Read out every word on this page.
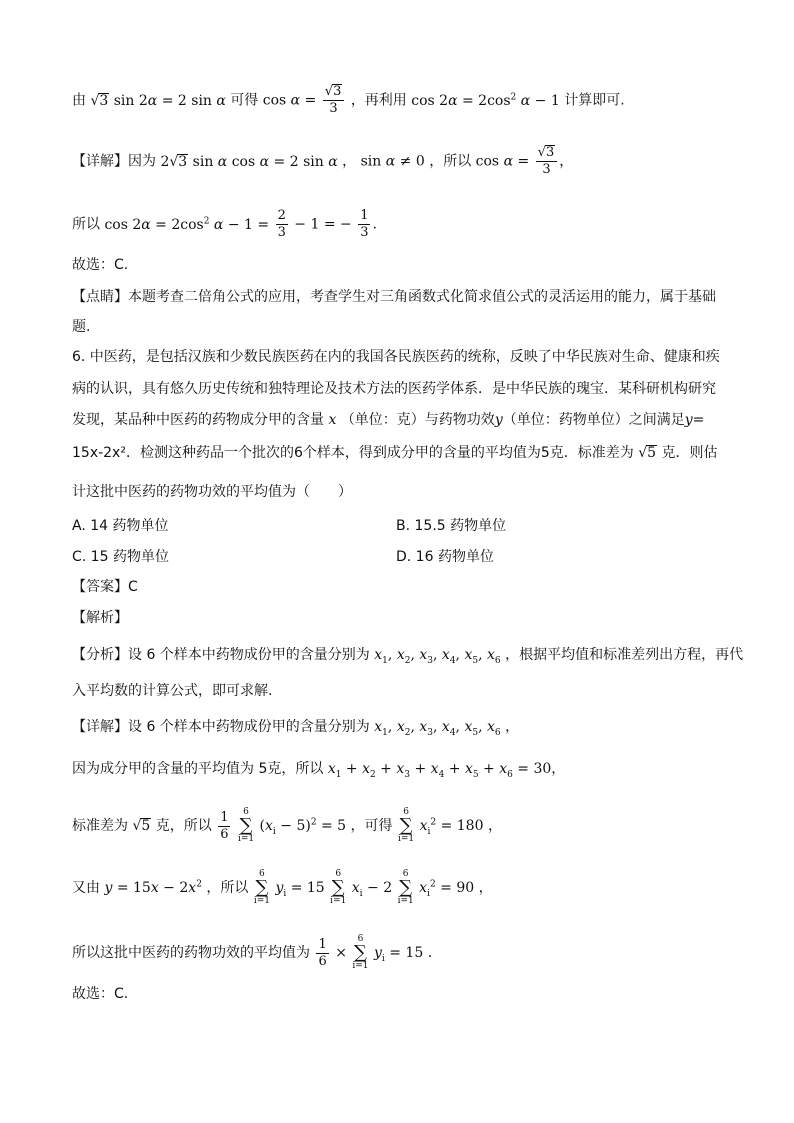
由 √3 sin 2α = 2 sin α 可得 $\cos \alpha = \frac{√3}{3}$ ，再利用 $\cos 2\alpha = 2\cos^2$ α − 1 计算即可.
【详解】因为 2√3 sin α cos α = 2 sin α ， sin α ≠ 0 ，所以 $\cos \alpha = \frac{√3}{3}$ ，
所以 $\cos 2\alpha = 2\cos^2$ $\alpha - 1 = \frac{2}{3} - 1$ = − $\frac{1}{3}$ .
故选：C.
【点睛】本题考查二倍角公式的应用，考查学生对三角函数式化简求值公式的灵活运用的能力，属于基础
题.
6. 中医药，是包括汉族和少数民族医药在内的我国各民族医药的统称，反映了中华民族对生命、健康和疾
病的认识，具有悠久历史传统和独特理论及技术方法的医药学体系．是中华民族的瑰宝．某科研机构研究
发现，某品种中医药的药物成分甲的含量 x （单位：克）与药物功效y（单位：药物单位）之间满足y=
15x-2x²．检测这种药品一个批次的6个样本，得到成分甲的含量的平均值为5克．标准差为 √5 克．则估
计这批中医药的药物功效的平均值为（　　）
A. 14 药物单位	B. 15.5 药物单位
C. 15 药物单位	D. 16 药物单位
【答案】C
【解析】
【分析】设 6 个样本中药物成份甲的含量分别为 $x_1$, $x_2$, $x_3$, $x_4$, $x_5$, $x_6$ ，根据平均值和标准差列出方程，再代
入平均数的计算公式，即可求解.
【详解】设 6 个样本中药物成份甲的含量分别为 $x_1$, $x_2$, $x_3$, $x_4$, $x_5$, $x_6$ ，
因为成分甲的含量的平均值为 5克，所以 $x_1 + x_2 + x_3 + x_4 + x_5 + x_6 = 30$，
标准差为 √5 克，所以 $\frac{1}{6}$
	6
∑
i=1
$(x_i - 5)^2 = 5$ ，可得
6
∑
i=1
$x_i^2 = 180$ ，
又由 $y = 15x - 2x^2$ ，所以
6
∑
i=1
$y_i = 15$
6
∑
i=1
$x_i - 2$
6
∑
i=1
$x_i^2 = 90$ ，
所以这批中医药的药物功效的平均值为 $\frac{1}{6}$ ×
6
∑
i=1
$y_i = 15$ .
故选：C.
